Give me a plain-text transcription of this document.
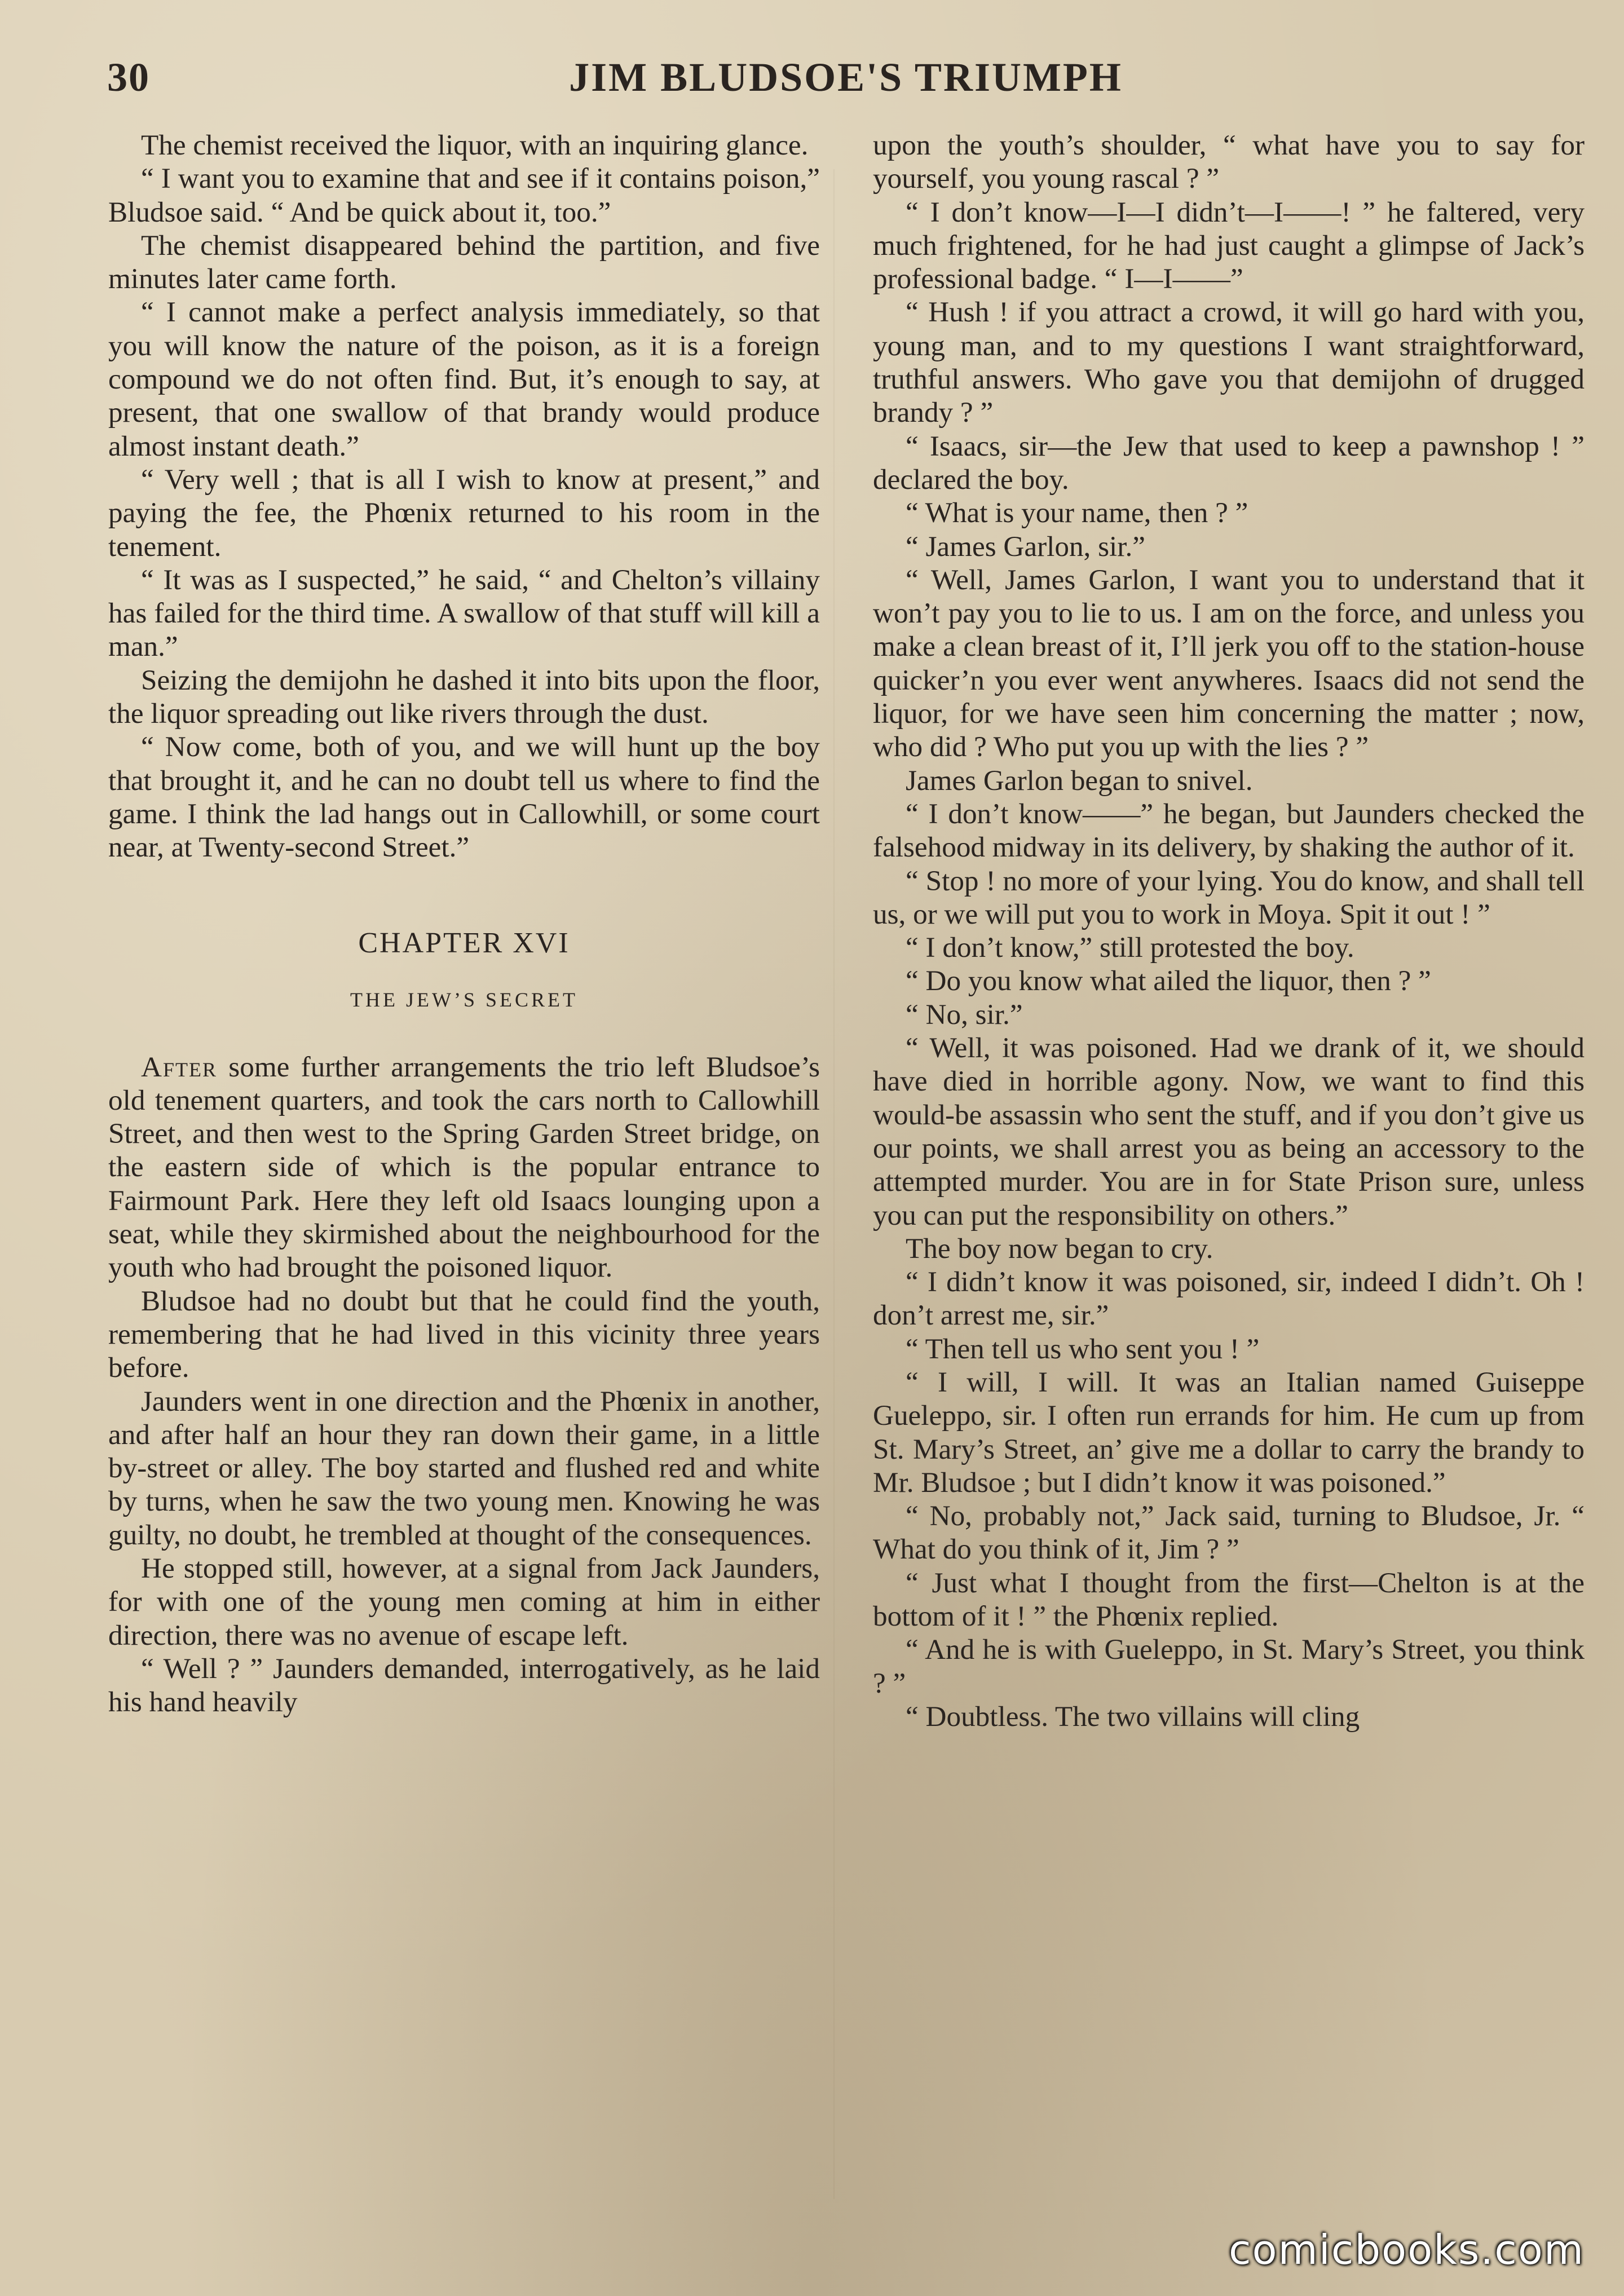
30	JIM BLUDSOE'S TRIUMPH

The chemist received the liquor, with an inquiring glance.

“ I want you to examine that and see if it contains poison,” Bludsoe said. “ And be quick about it, too.”

The chemist disappeared behind the partition, and five minutes later came forth.

“ I cannot make a perfect analysis immediately, so that you will know the nature of the poison, as it is a foreign compound we do not often find. But, it’s enough to say, at present, that one swallow of that brandy would produce almost instant death.”

“ Very well ; that is all I wish to know at present,” and paying the fee, the Phœnix returned to his room in the tenement.

“ It was as I suspected,” he said, “ and Chelton’s villainy has failed for the third time. A swallow of that stuff will kill a man.”

Seizing the demijohn he dashed it into bits upon the floor, the liquor spreading out like rivers through the dust.

“ Now come, both of you, and we will hunt up the boy that brought it, and he can no doubt tell us where to find the game. I think the lad hangs out in Callowhill, or some court near, at Twenty-second Street.”

CHAPTER XVI
THE JEW’S SECRET

After some further arrangements the trio left Bludsoe’s old tenement quarters, and took the cars north to Callowhill Street, and then west to the Spring Garden Street bridge, on the eastern side of which is the popular entrance to Fairmount Park. Here they left old Isaacs lounging upon a seat, while they skirmished about the neighbourhood for the youth who had brought the poisoned liquor.

Bludsoe had no doubt but that he could find the youth, remembering that he had lived in this vicinity three years before.

Jaunders went in one direction and the Phœnix in another, and after half an hour they ran down their game, in a little by-street or alley. The boy started and flushed red and white by turns, when he saw the two young men. Knowing he was guilty, no doubt, he trembled at thought of the consequences.

He stopped still, however, at a signal from Jack Jaunders, for with one of the young men coming at him in either direction, there was no avenue of escape left.

“ Well ? ” Jaunders demanded, interrogatively, as he laid his hand heavily

upon the youth’s shoulder, “ what have you to say for yourself, you young rascal ? ”

“ I don’t know—I—I didn’t—I——! ” he faltered, very much frightened, for he had just caught a glimpse of Jack’s professional badge. “ I—I——”

“ Hush ! if you attract a crowd, it will go hard with you, young man, and to my questions I want straightforward, truthful answers. Who gave you that demijohn of drugged brandy ? ”

“ Isaacs, sir—the Jew that used to keep a pawnshop ! ” declared the boy.

“ What is your name, then ? ”

“ James Garlon, sir.”

“ Well, James Garlon, I want you to understand that it won’t pay you to lie to us. I am on the force, and unless you make a clean breast of it, I’ll jerk you off to the station-house quicker’n you ever went anywheres. Isaacs did not send the liquor, for we have seen him concerning the matter ; now, who did ? Who put you up with the lies ? ”

James Garlon began to snivel.

“ I don’t know——” he began, but Jaunders checked the falsehood midway in its delivery, by shaking the author of it.

“ Stop ! no more of your lying. You do know, and shall tell us, or we will put you to work in Moya. Spit it out ! ”

“ I don’t know,” still protested the boy.

“ Do you know what ailed the liquor, then ? ”

“ No, sir.”

“ Well, it was poisoned. Had we drank of it, we should have died in horrible agony. Now, we want to find this would-be assassin who sent the stuff, and if you don’t give us our points, we shall arrest you as being an accessory to the attempted murder. You are in for State Prison sure, unless you can put the responsibility on others.”

The boy now began to cry.

“ I didn’t know it was poisoned, sir, indeed I didn’t. Oh ! don’t arrest me, sir.”

“ Then tell us who sent you ! ”

“ I will, I will. It was an Italian named Guiseppe Gueleppo, sir. I often run errands for him. He cum up from St. Mary’s Street, an’ give me a dollar to carry the brandy to Mr. Bludsoe ; but I didn’t know it was poisoned.”

“ No, probably not,” Jack said, turning to Bludsoe, Jr. “ What do you think of it, Jim ? ”

“ Just what I thought from the first—Chelton is at the bottom of it ! ” the Phœnix replied.

“ And he is with Gueleppo, in St. Mary’s Street, you think ? ”

“ Doubtless. The two villains will cling

comicbooks.com
